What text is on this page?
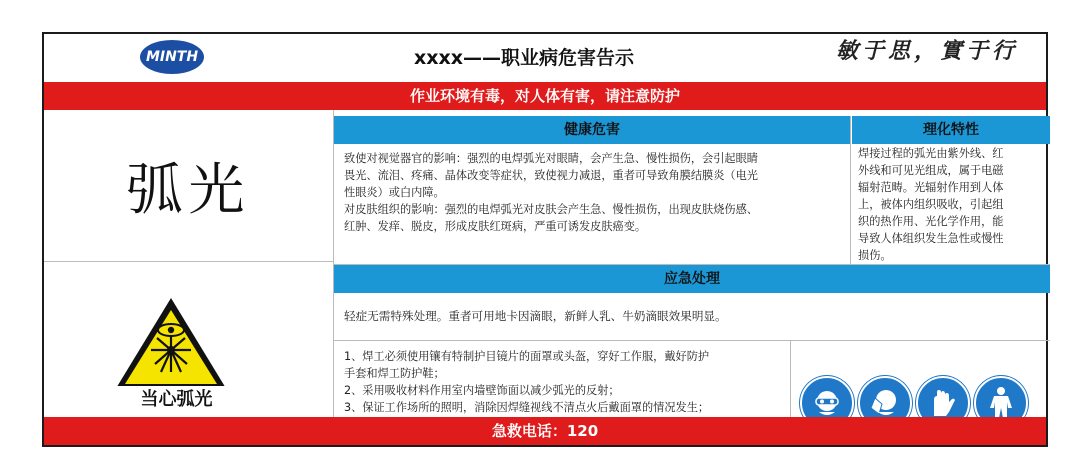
MINTH	xxxx——职业病危害告示	敏于思，實于行
作业环境有毒，对人体有害，请注意防护
弧光
当心弧光
健康危害	理化特性
致使对视觉器官的影响：强烈的电焊弧光对眼睛，会产生急、慢性损伤，会引起眼睛
畏光、流泪、疼痛、晶体改变等症状，致使视力减退，重者可导致角膜结膜炎（电光
性眼炎）或白内障。
对皮肤组织的影响：强烈的电焊弧光对皮肤会产生急、慢性损伤，出现皮肤烧伤感、
红肿、发痒、脱皮，形成皮肤红斑病，严重可诱发皮肤癌变。
焊接过程的弧光由紫外线、红
外线和可见光组成，属于电磁
辐射范畴。光辐射作用到人体
上，被体内组织吸收，引起组
织的热作用、光化学作用，能
导致人体组织发生急性或慢性
损伤。
应急处理
轻症无需特殊处理。重者可用地卡因滴眼，新鲜人乳、牛奶滴眼效果明显。
1、焊工必须使用镶有特制护目镜片的面罩或头盔，穿好工作服，戴好防护
手套和焊工防护鞋；
2、采用吸收材料作用室内墙壁饰面以减少弧光的反射；
3、保证工作场所的照明，消除因焊缝视线不清点火后戴面罩的情况发生；
急救电话：120
